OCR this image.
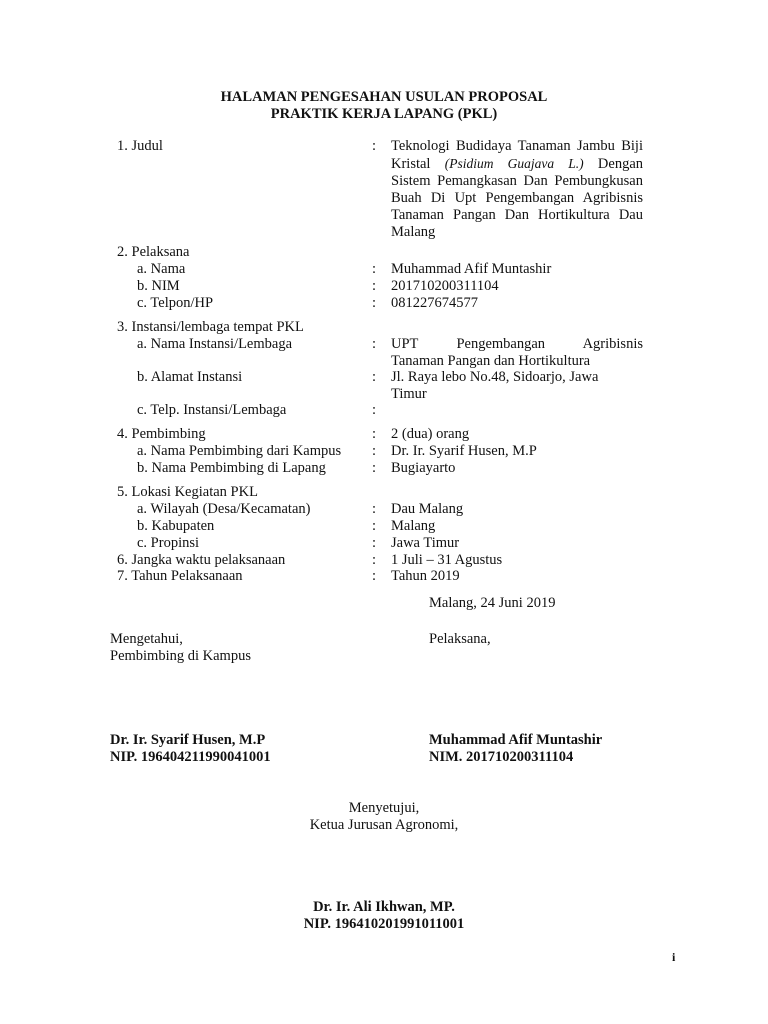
HALAMAN PENGESAHAN USULAN PROPOSAL
PRAKTIK KERJA LAPANG (PKL)
1. Judul	: Teknologi Budidaya Tanaman Jambu Biji
Kristal (Psidium Guajava L.) Dengan
Sistem Pemangkasan Dan Pembungkusan
Buah Di Upt Pengembangan Agribisnis
Tanaman Pangan Dan Hortikultura Dau
Malang
2. Pelaksana
a. Nama	: Muhammad Afif Muntashir
b. NIM	: 201710200311104
c. Telpon/HP	: 081227674577
3. Instansi/lembaga tempat PKL
a. Nama Instansi/Lembaga	: UPT Pengembangan Agribisnis
Tanaman Pangan dan Hortikultura
b. Alamat Instansi	: Jl. Raya lebo No.48, Sidoarjo, Jawa
Timur
c. Telp. Instansi/Lembaga	:
4. Pembimbing	: 2 (dua) orang
a. Nama Pembimbing dari Kampus : Dr. Ir. Syarif Husen, M.P
b. Nama Pembimbing di Lapang	: Bugiayarto
5. Lokasi Kegiatan PKL
a. Wilayah (Desa/Kecamatan)	: Dau Malang
b. Kabupaten	: Malang
c. Propinsi	: Jawa Timur
6. Jangka waktu pelaksanaan	: 1 Juli – 31 Agustus
7. Tahun Pelaksanaan	: Tahun 2019
Malang, 24 Juni 2019
Mengetahui,
Pembimbing di Kampus
Pelaksana,
Dr. Ir. Syarif Husen, M.P
NIP. 196404211990041001
Muhammad Afif Muntashir
NIM. 201710200311104
Menyetujui,
Ketua Jurusan Agronomi,
Dr. Ir. Ali Ikhwan, MP.
NIP. 196410201991011001
i
